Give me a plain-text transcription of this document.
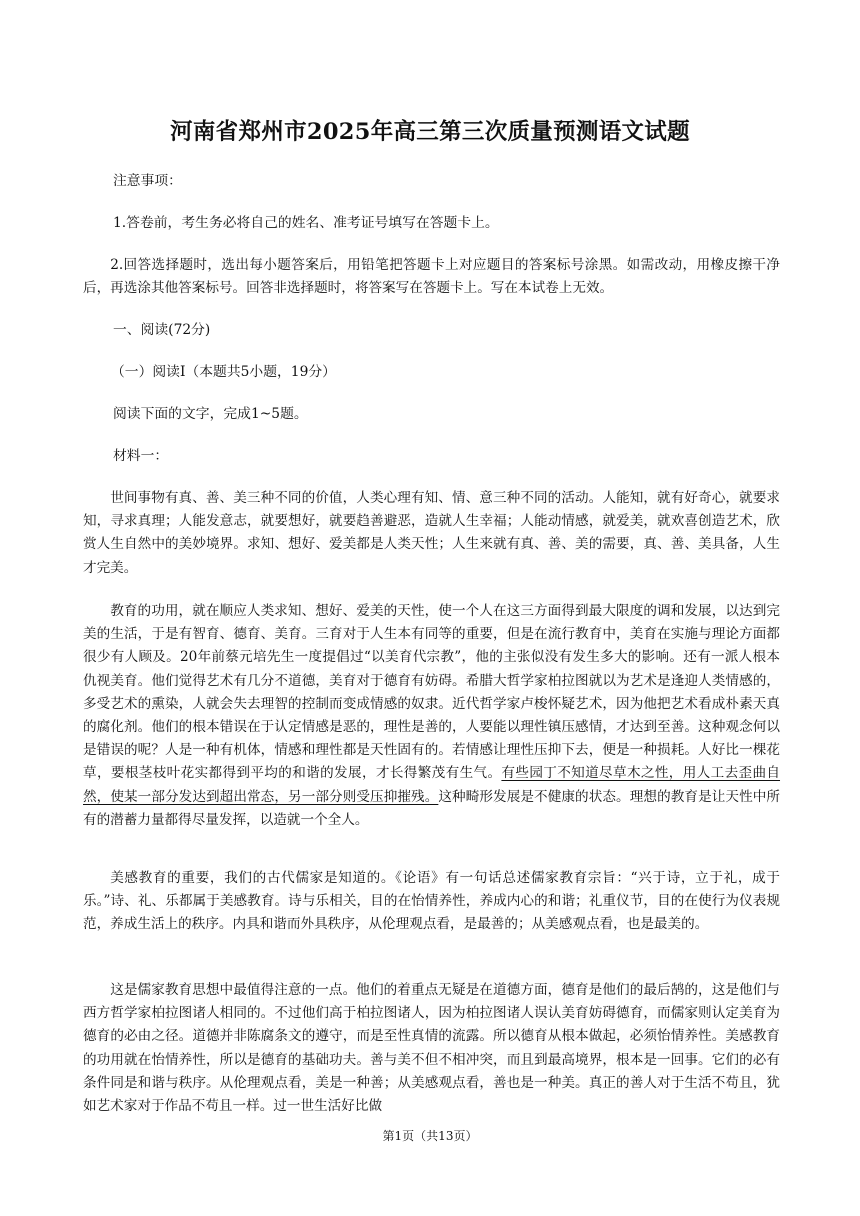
河南省郑州市2025年高三第三次质量预测语文试题
注意事项：
1.答卷前，考生务必将自己的姓名、准考证号填写在答题卡上。
2.回答选择题时，选出每小题答案后，用铅笔把答题卡上对应题目的答案标号涂黑。如需改动，用橡皮擦干净后，再选涂其他答案标号。回答非选择题时，将答案写在答题卡上。写在本试卷上无效。
一、阅读(72分)
（一）阅读Ⅰ（本题共5小题，19分）
阅读下面的文字，完成1~5题。
材料一：
世间事物有真、善、美三种不同的价值，人类心理有知、情、意三种不同的活动。人能知，就有好奇心，就要求知，寻求真理；人能发意志，就要想好，就要趋善避恶，造就人生幸福；人能动情感，就爱美，就欢喜创造艺术，欣赏人生自然中的美妙境界。求知、想好、爱美都是人类天性；人生来就有真、善、美的需要，真、善、美具备，人生才完美。
教育的功用，就在顺应人类求知、想好、爱美的天性，使一个人在这三方面得到最大限度的调和发展，以达到完美的生活，于是有智育、德育、美育。三育对于人生本有同等的重要，但是在流行教育中，美育在实施与理论方面都很少有人顾及。20年前蔡元培先生一度提倡过“以美育代宗教”，他的主张似没有发生多大的影响。还有一派人根本仇视美育。他们觉得艺术有几分不道德，美育对于德育有妨碍。希腊大哲学家柏拉图就以为艺术是逢迎人类情感的，多受艺术的熏染，人就会失去理智的控制而变成情感的奴隶。近代哲学家卢梭怀疑艺术，因为他把艺术看成朴素天真的腐化剂。他们的根本错误在于认定情感是恶的，理性是善的，人要能以理性镇压感情，才达到至善。这种观念何以是错误的呢？人是一种有机体，情感和理性都是天性固有的。若情感让理性压抑下去，便是一种损耗。人好比一棵花草，要根茎枝叶花实都得到平均的和谐的发展，才长得繁茂有生气。有些园丁不知道尽草木之性，用人工去歪曲自然，使某一部分发达到超出常态，另一部分则受压抑摧残。这种畸形发展是不健康的状态。理想的教育是让天性中所有的潜蓄力量都得尽量发挥，以造就一个全人。
美感教育的重要，我们的古代儒家是知道的。《论语》有一句话总述儒家教育宗旨：“兴于诗，立于礼，成于乐。”诗、礼、乐都属于美感教育。诗与乐相关，目的在怡情养性，养成内心的和谐；礼重仪节，目的在使行为仪表规范，养成生活上的秩序。内具和谐而外具秩序，从伦理观点看，是最善的；从美感观点看，也是最美的。
这是儒家教育思想中最值得注意的一点。他们的着重点无疑是在道德方面，德育是他们的最后鹄的，这是他们与西方哲学家柏拉图诸人相同的。不过他们高于柏拉图诸人，因为柏拉图诸人误认美育妨碍德育，而儒家则认定美育为德育的必由之径。道德并非陈腐条文的遵守，而是至性真情的流露。所以德育从根本做起，必须怡情养性。美感教育的功用就在怡情养性，所以是德育的基础功夫。善与美不但不相冲突，而且到最高境界，根本是一回事。它们的必有条件同是和谐与秩序。从伦理观点看，美是一种善；从美感观点看，善也是一种美。真正的善人对于生活不苟且，犹如艺术家对于作品不苟且一样。过一世生活好比做
第1页（共13页）
